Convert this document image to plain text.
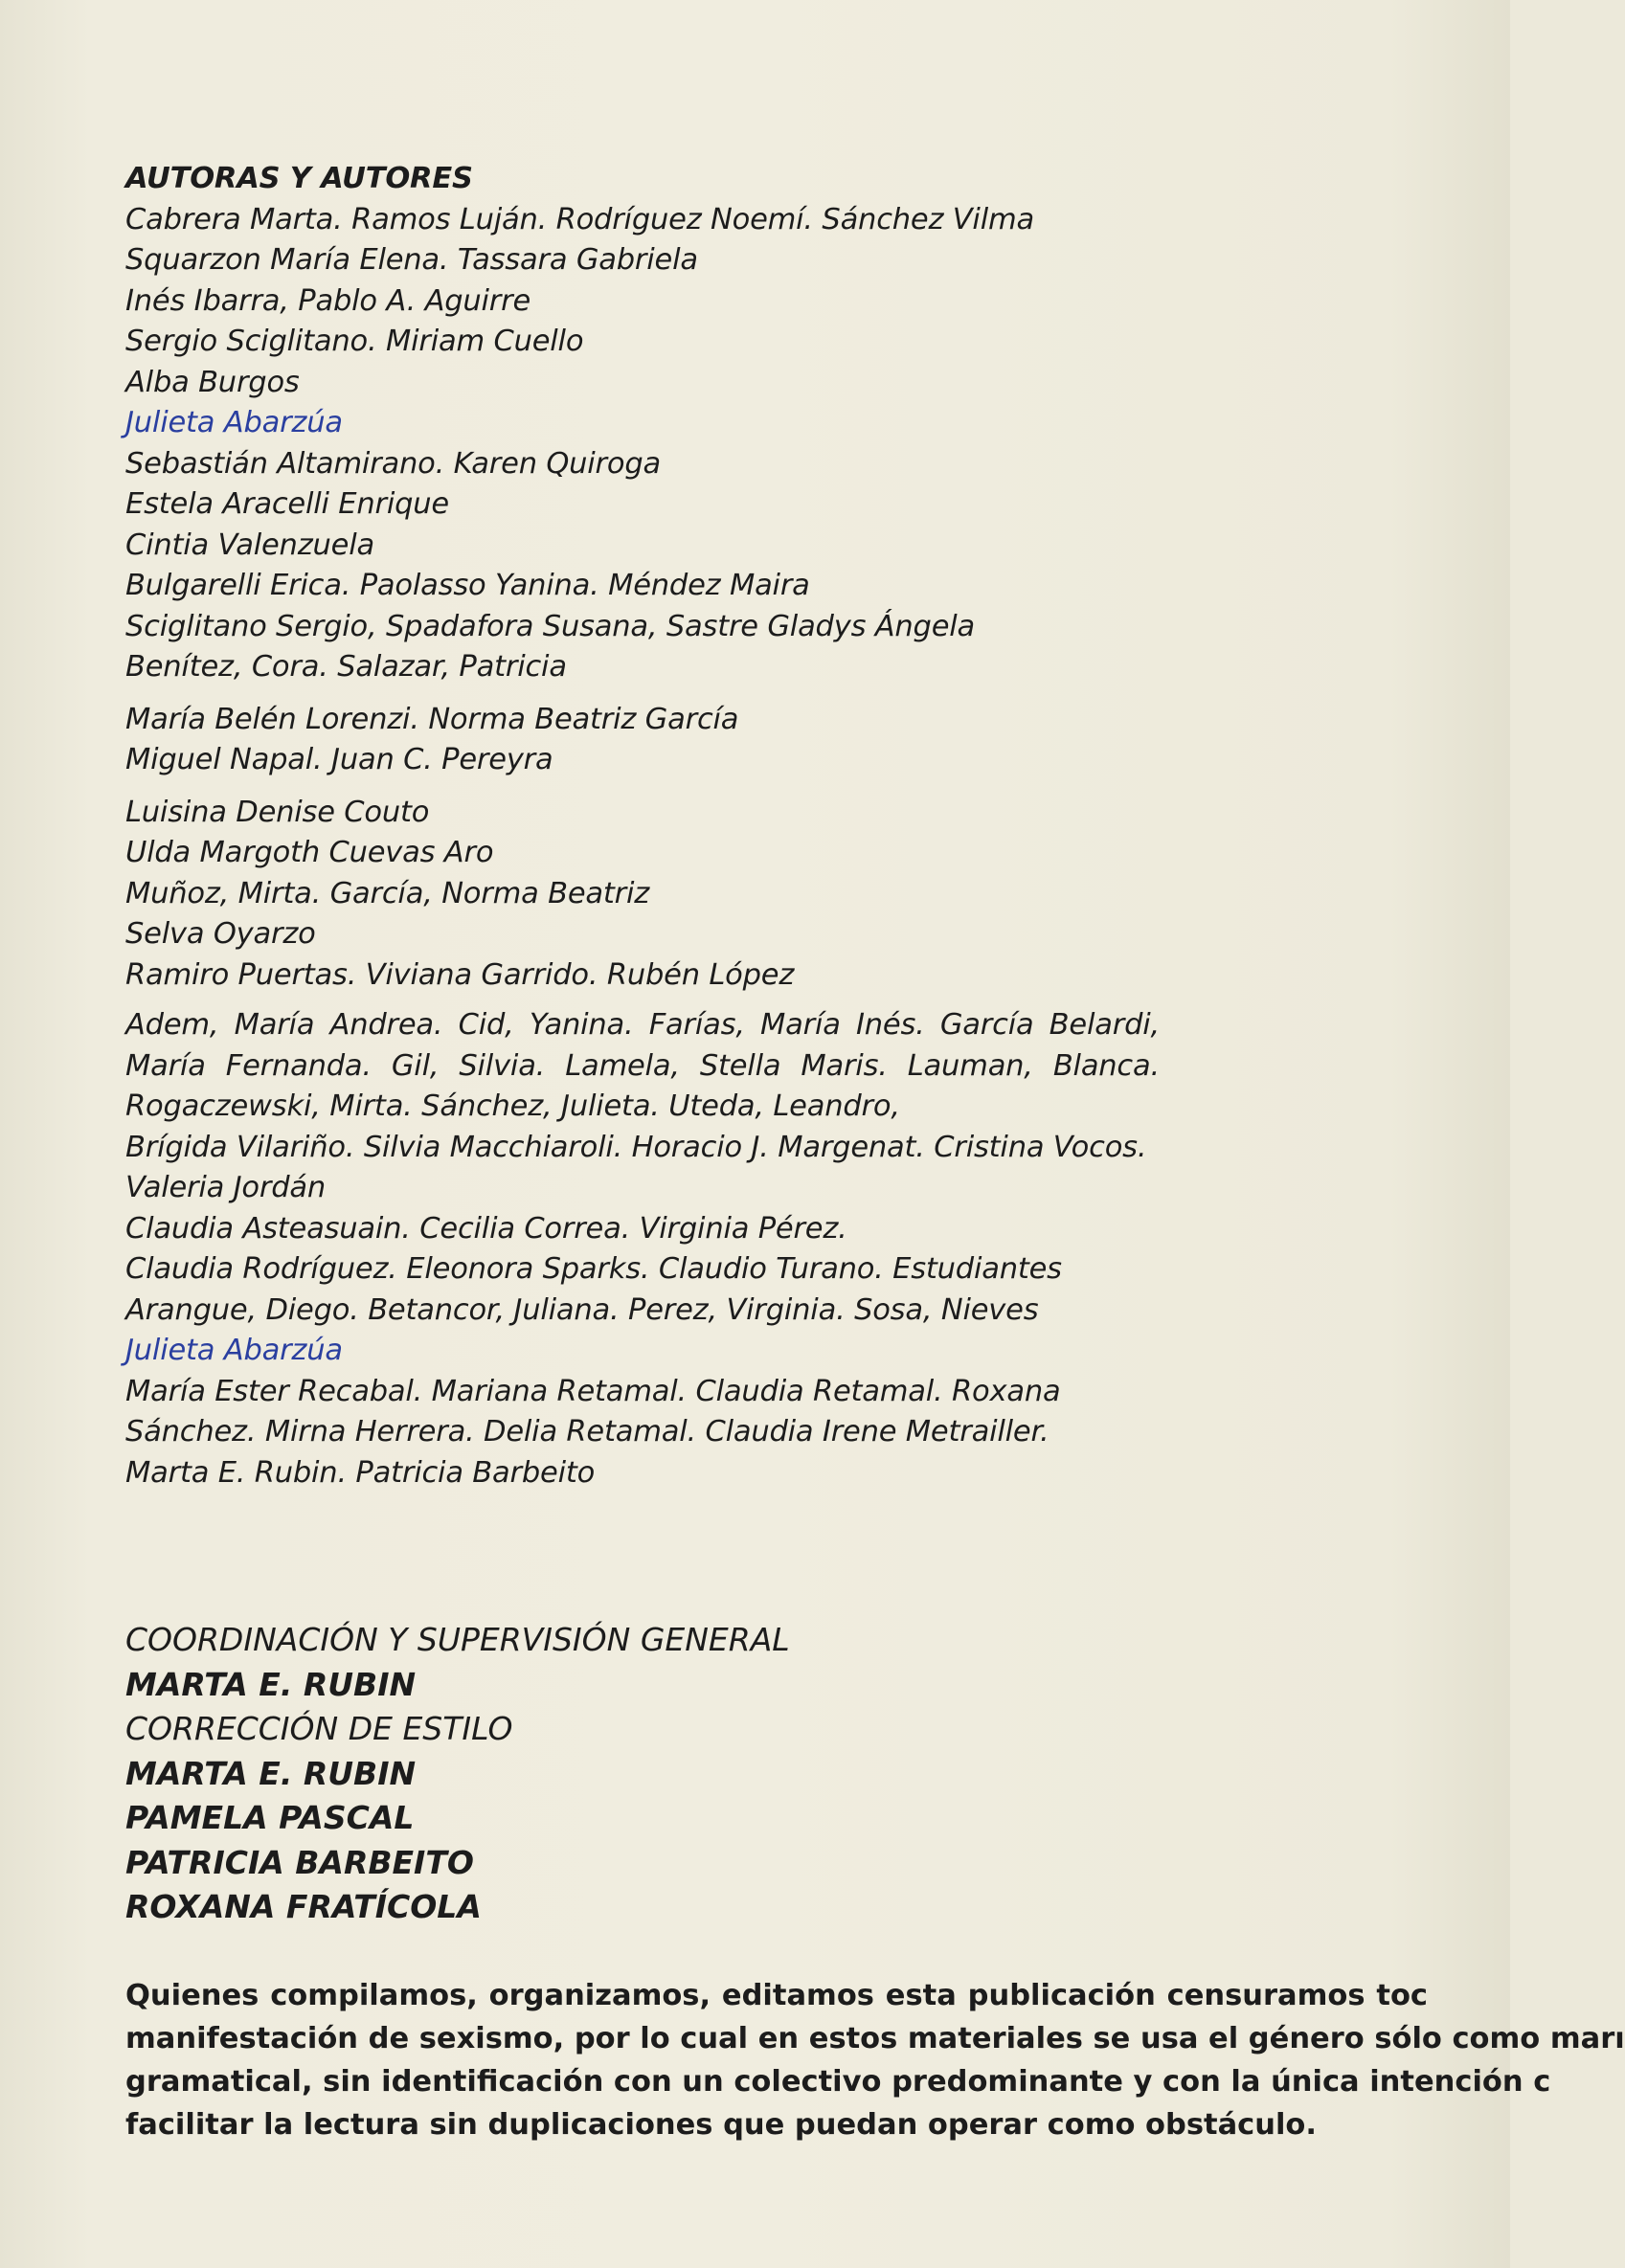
AUTORAS Y AUTORES
Cabrera Marta. Ramos Luján. Rodríguez Noemí. Sánchez Vilma
Squarzon María Elena. Tassara Gabriela
Inés Ibarra, Pablo A. Aguirre
Sergio Sciglitano. Miriam Cuello
Alba Burgos
Julieta Abarzúa
Sebastián Altamirano. Karen Quiroga
Estela Aracelli Enrique
Cintia Valenzuela
Bulgarelli Erica. Paolasso Yanina. Méndez Maira
Sciglitano Sergio, Spadafora Susana, Sastre Gladys Ángela
Benítez, Cora. Salazar, Patricia
María Belén Lorenzi. Norma Beatriz García
Miguel Napal. Juan C. Pereyra
Luisina Denise Couto
Ulda Margoth Cuevas Aro
Muñoz, Mirta. García, Norma Beatriz
Selva Oyarzo
Ramiro Puertas. Viviana Garrido. Rubén López
Adem, María Andrea. Cid, Yanina. Farías, María Inés. García Belardi,
María Fernanda. Gil, Silvia. Lamela, Stella Maris. Lauman, Blanca.
Rogaczewski, Mirta. Sánchez, Julieta. Uteda, Leandro,
Brígida Vilariño. Silvia Macchiaroli. Horacio J. Margenat. Cristina Vocos.
Valeria Jordán
Claudia Asteasuain. Cecilia Correa. Virginia Pérez.
Claudia Rodríguez. Eleonora Sparks. Claudio Turano. Estudiantes
Arangue, Diego. Betancor, Juliana. Perez, Virginia. Sosa, Nieves
Julieta Abarzúa
María Ester Recabal. Mariana Retamal. Claudia Retamal. Roxana
Sánchez. Mirna Herrera. Delia Retamal. Claudia Irene Metrailler.
Marta E. Rubin. Patricia Barbeito
COORDINACIÓN Y SUPERVISIÓN GENERAL
MARTA E. RUBIN
CORRECCIÓN DE ESTILO
MARTA E. RUBIN
PAMELA PASCAL
PATRICIA BARBEITO
ROXANA FRATÍCOLA
Quienes compilamos, organizamos, editamos esta publicación censuramos toc
manifestación de sexismo, por lo cual en estos materiales se usa el género sólo como marı
gramatical, sin identificación con un colectivo predominante y con la única intención c
facilitar la lectura sin duplicaciones que puedan operar como obstáculo.
